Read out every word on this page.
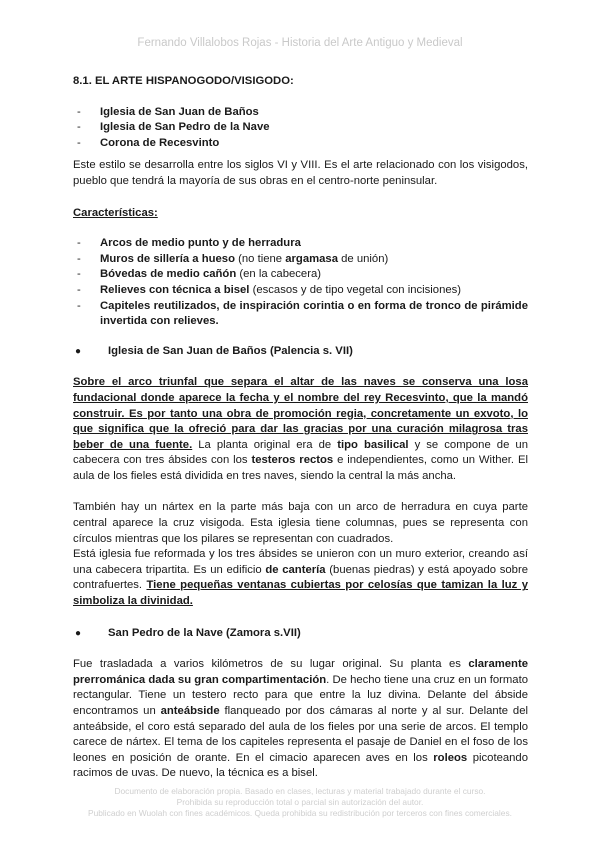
Fernando Villalobos Rojas - Historia del Arte Antiguo y Medieval
8.1. EL ARTE HISPANOGODO/VISIGODO:
- Iglesia de San Juan de Baños
- Iglesia de San Pedro de la Nave
- Corona de Recesvinto

Este estilo se desarrolla entre los siglos VI y VIII. Es el arte relacionado con los visigodos, pueblo que tendrá la mayoría de sus obras en el centro-norte peninsular.

Características:
- Arcos de medio punto y de herradura
- Muros de sillería a hueso (no tiene argamasa de unión)
- Bóvedas de medio cañón (en la cabecera)
- Relieves con técnica a bisel (escasos y de tipo vegetal con incisiones)
- Capiteles reutilizados, de inspiración corintia o en forma de tronco de pirámide invertida con relieves.
● Iglesia de San Juan de Baños (Palencia s. VII)

Sobre el arco triunfal que separa el altar de las naves se conserva una losa fundacional donde aparece la fecha y el nombre del rey Recesvinto, que la mandó construir. Es por tanto una obra de promoción regia, concretamente un exvoto, lo que significa que la ofreció para dar las gracias por una curación milagrosa tras beber de una fuente. La planta original era de tipo basilical y se compone de un cabecera con tres ábsides con los testeros rectos e independientes, como un Wither. El aula de los fieles está dividida en tres naves, siendo la central la más ancha.

También hay un nártex en la parte más baja con un arco de herradura en cuya parte central aparece la cruz visigoda. Esta iglesia tiene columnas, pues se representa con círculos mientras que los pilares se representan con cuadrados.

Está iglesia fue reformada y los tres ábsides se unieron con un muro exterior, creando así una cabecera tripartita. Es un edificio de cantería (buenas piedras) y está apoyado sobre contrafuertes. Tiene pequeñas ventanas cubiertas por celosías que tamizan la luz y simboliza la divinidad.

● San Pedro de la Nave (Zamora s.VII)

Fue trasladada a varios kilómetros de su lugar original. Su planta es claramente prerrománica dada su gran compartimentación. De hecho tiene una cruz en un formato rectangular. Tiene un testero recto para que entre la luz divina. Delante del ábside encontramos un anteábside flanqueado por dos cámaras al norte y al sur. Delante del anteábside, el coro está separado del aula de los fieles por una serie de arcos. El templo carece de nártex. El tema de los capiteles representa el pasaje de Daniel en el foso de los leones en posición de orante. En el cimacio aparecen aves en los roleos picoteando racimos de uvas. De nuevo, la técnica es a bisel.

Documento de elaboración propia. Basado en clases, lecturas y material trabajado durante el curso.
Prohibida su reproducción total o parcial sin autorización del autor.
Publicado en Wuolah con fines académicos. Queda prohibida su redistribución por terceros con fines comerciales.
